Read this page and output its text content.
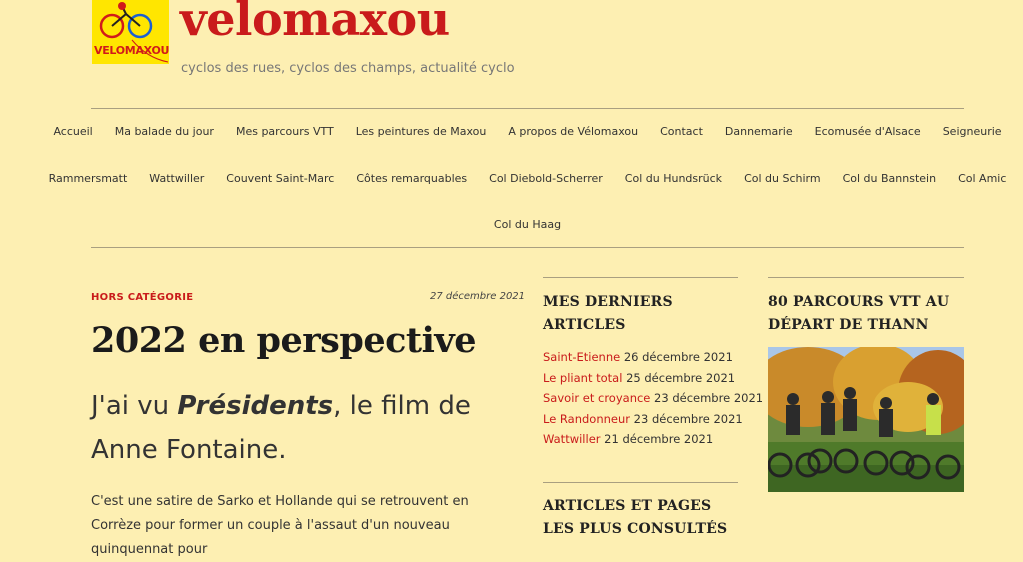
VELOMAXOU
velomaxou
cyclos des rues, cyclos des champs, actualité cyclo
Accueil Ma balade du jour Mes parcours VTT Les peintures de Maxou A propos de Vélomaxou Contact Dannemarie Ecomusée d'Alsace Seigneurie
Rammersmatt Wattwiller Couvent Saint-Marc Côtes remarquables Col Diebold-Scherrer Col du Hundsrück Col du Schirm Col du Bannstein Col Amic
Col du Haag
HORS CATÉGORIE	27 décembre 2021
2022 en perspective
J'ai vu Présidents, le film de Anne Fontaine.

C'est une satire de Sarko et Hollande qui se retrouvent en Corrèze pour former un couple à l'assaut d'un nouveau quinquennat pour

MES DERNIERS ARTICLES
Saint-Etienne 26 décembre 2021
Le pliant total 25 décembre 2021
Savoir et croyance 23 décembre 2021
Le Randonneur 23 décembre 2021
Wattwiller 21 décembre 2021
ARTICLES ET PAGES LES PLUS CONSULTÉS
80 PARCOURS VTT AU DÉPART DE THANN
